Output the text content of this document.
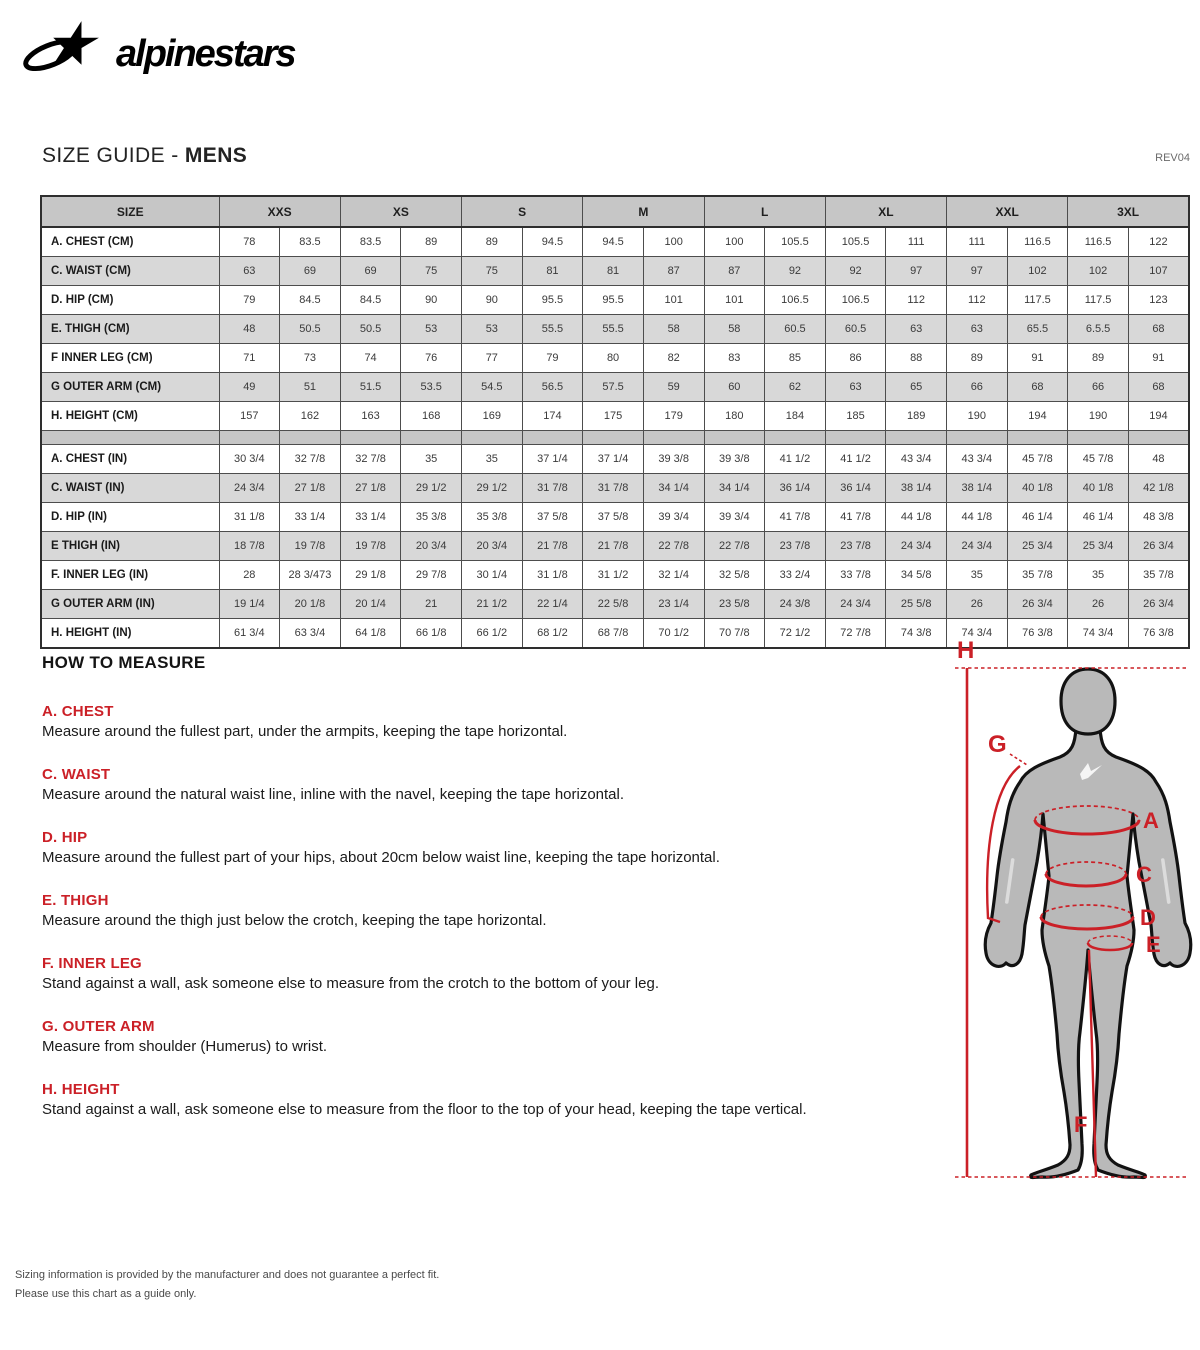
alpinestars
SIZE GUIDE - MENS	REV04
SIZE	XXS		XS		S		M		L		XL		XXL		3XL	
A. CHEST (CM)	78	83.5	83.5	89	89	94.5	94.5	100	100	105.5	105.5	111	111	116.5	116.5	122
C. WAIST (CM)	63	69	69	75	75	81	81	87	87	92	92	97	97	102	102	107
D. HIP (CM)	79	84.5	84.5	90	90	95.5	95.5	101	101	106.5	106.5	112	112	117.5	117.5	123
E. THIGH (CM)	48	50.5	50.5	53	53	55.5	55.5	58	58	60.5	60.5	63	63	65.5	6.5.5	68
F INNER LEG (CM)	71	73	74	76	77	79	80	82	83	85	86	88	89	91	89	91
G OUTER ARM (CM)	49	51	51.5	53.5	54.5	56.5	57.5	59	60	62	63	65	66	68	66	68
H. HEIGHT (CM)	157	162	163	168	169	174	175	179	180	184	185	189	190	194	190	194

A. CHEST (IN)	30 3/4	32 7/8	32 7/8	35	35	37 1/4	37 1/4	39 3/8	39 3/8	41 1/2	41 1/2	43 3/4	43 3/4	45 7/8	45 7/8	48
C. WAIST (IN)	24 3/4	27 1/8	27 1/8	29 1/2	29 1/2	31 7/8	31 7/8	34 1/4	34 1/4	36 1/4	36 1/4	38 1/4	38 1/4	40 1/8	40 1/8	42 1/8
D. HIP (IN)	31 1/8	33 1/4	33 1/4	35 3/8	35 3/8	37 5/8	37 5/8	39 3/4	39 3/4	41 7/8	41 7/8	44 1/8	44 1/8	46 1/4	46 1/4	48 3/8
E THIGH (IN)	18 7/8	19 7/8	19 7/8	20 3/4	20 3/4	21 7/8	21 7/8	22 7/8	22 7/8	23 7/8	23 7/8	24 3/4	24 3/4	25 3/4	25 3/4	26 3/4
F. INNER LEG (IN)	28	28 3/473	29 1/8	29 7/8	30 1/4	31 1/8	31 1/2	32 1/4	32 5/8	33 2/4	33 7/8	34 5/8	35	35 7/8	35	35 7/8
G OUTER ARM (IN)	19 1/4	20 1/8	20 1/4	21	21 1/2	22 1/4	22 5/8	23 1/4	23 5/8	24 3/8	24 3/4	25 5/8	26	26 3/4	26	26 3/4
H. HEIGHT (IN)	61 3/4	63 3/4	64 1/8	66 1/8	66 1/2	68 1/2	68 7/8	70 1/2	70 7/8	72 1/2	72 7/8	74 3/8	74 3/4	76 3/8	74 3/4	76 3/8
HOW TO MEASURE
A. CHEST

Measure around the fullest part, under the armpits, keeping the tape horizontal.

C. WAIST

Measure around the natural waist line, inline with the navel, keeping the tape horizontal.

D. HIP

Measure around the fullest part of your hips, about 20cm below waist line, keeping the tape horizontal.

E. THIGH

Measure around the thigh just below the crotch, keeping the tape horizontal.

F. INNER LEG

Stand against a wall, ask someone else to measure from the crotch to the bottom of your leg.

G. OUTER ARM

Measure from shoulder (Humerus) to wrist.

H. HEIGHT

Stand against a wall, ask someone else to measure from the floor to the top of your head, keeping the tape vertical.

H
G
A
C
D
E
F
Sizing information is provided by the manufacturer and does not guarantee a perfect fit.
Please use this chart as a guide only.
